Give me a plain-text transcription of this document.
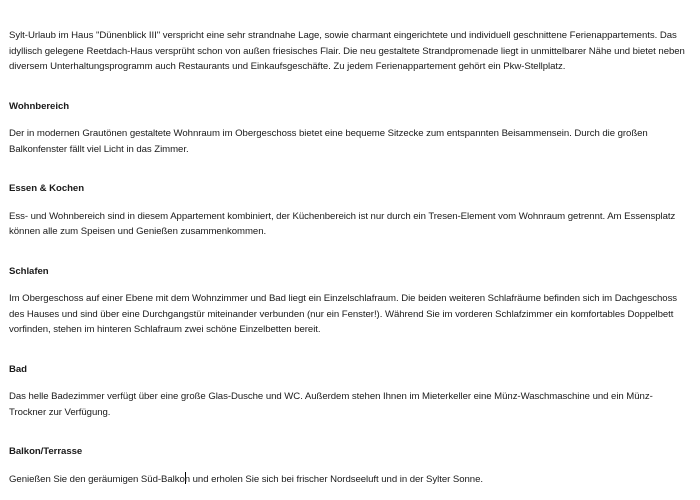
Sylt-Urlaub im Haus "Dünenblick III" verspricht eine sehr strandnahe Lage, sowie charmant eingerichtete und individuell geschnittene Ferienappartements. Das
idyllisch gelegene Reetdach-Haus versprüht schon von außen friesisches Flair. Die neu gestaltete Strandpromenade liegt in unmittelbarer Nähe und bietet neben
diversem Unterhaltungsprogramm auch Restaurants und Einkaufsgeschäfte. Zu jedem Ferienappartement gehört ein Pkw-Stellplatz.

Wohnbereich

Der in modernen Grautönen gestaltete Wohnraum im Obergeschoss bietet eine bequeme Sitzecke zum entspannten Beisammensein. Durch die großen
Balkonfenster fällt viel Licht in das Zimmer.

Essen & Kochen

Ess- und Wohnbereich sind in diesem Appartement kombiniert, der Küchenbereich ist nur durch ein Tresen-Element vom Wohnraum getrennt. Am Essensplatz
können alle zum Speisen und Genießen zusammenkommen.

Schlafen

Im Obergeschoss auf einer Ebene mit dem Wohnzimmer und Bad liegt ein Einzelschlafraum. Die beiden weiteren Schlafräume befinden sich im Dachgeschoss
des Hauses und sind über eine Durchgangstür miteinander verbunden (nur ein Fenster!). Während Sie im vorderen Schlafzimmer ein komfortables Doppelbett
vorfinden, stehen im hinteren Schlafraum zwei schöne Einzelbetten bereit.

Bad

Das helle Badezimmer verfügt über eine große Glas-Dusche und WC. Außerdem stehen Ihnen im Mieterkeller eine Münz-Waschmaschine und ein Münz-
Trockner zur Verfügung.

Balkon/Terrasse

Genießen Sie den geräumigen Süd-Balkon und erholen Sie sich bei frischer Nordseeluft und in der Sylter Sonne.
